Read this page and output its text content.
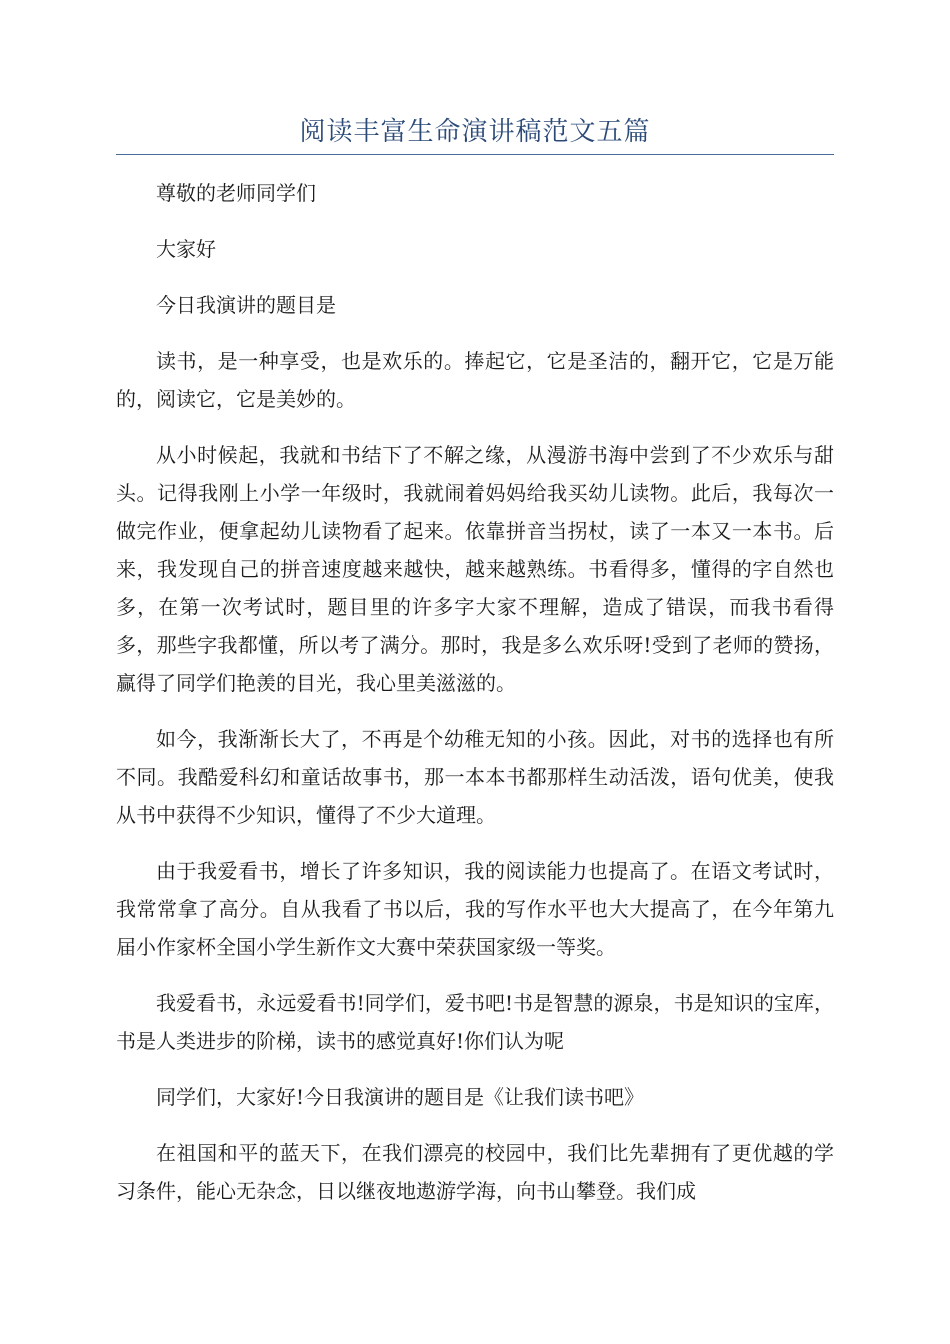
阅读丰富生命演讲稿范文五篇

尊敬的老师同学们

大家好

今日我演讲的题目是

读书，是一种享受，也是欢乐的。捧起它，它是圣洁的，翻开它，它是万能的，阅读它，它是美妙的。

从小时候起，我就和书结下了不解之缘，从漫游书海中尝到了不少欢乐与甜头。记得我刚上小学一年级时，我就闹着妈妈给我买幼儿读物。此后，我每次一做完作业，便拿起幼儿读物看了起来。依靠拼音当拐杖，读了一本又一本书。后来，我发现自己的拼音速度越来越快，越来越熟练。书看得多，懂得的字自然也多，在第一次考试时，题目里的许多字大家不理解，造成了错误，而我书看得多，那些字我都懂，所以考了满分。那时，我是多么欢乐呀!受到了老师的赞扬，赢得了同学们艳羡的目光，我心里美滋滋的。

如今，我渐渐长大了，不再是个幼稚无知的小孩。因此，对书的选择也有所不同。我酷爱科幻和童话故事书，那一本本书都那样生动活泼，语句优美，使我从书中获得不少知识，懂得了不少大道理。

由于我爱看书，增长了许多知识，我的阅读能力也提高了。在语文考试时，我常常拿了高分。自从我看了书以后，我的写作水平也大大提高了，在今年第九届小作家杯全国小学生新作文大赛中荣获国家级一等奖。

我爱看书，永远爱看书!同学们，爱书吧!书是智慧的源泉，书是知识的宝库，书是人类进步的阶梯，读书的感觉真好!你们认为呢

同学们，大家好!今日我演讲的题目是《让我们读书吧》

在祖国和平的蓝天下，在我们漂亮的校园中，我们比先辈拥有了更优越的学习条件，能心无杂念，日以继夜地遨游学海，向书山攀登。我们成
